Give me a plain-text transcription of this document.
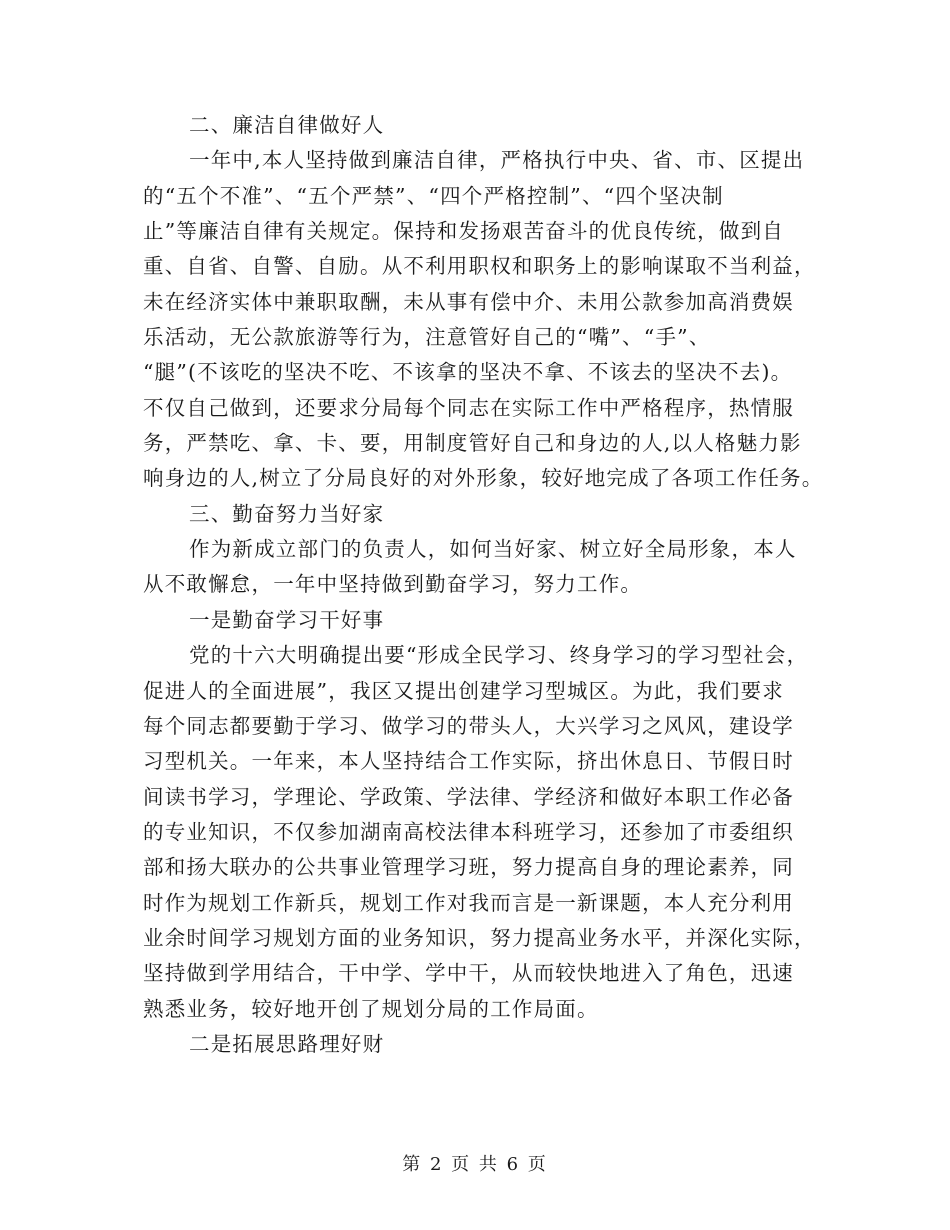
二、廉洁自律做好人
一年中,本人坚持做到廉洁自律，严格执行中央、省、市、区提出
的“五个不准”、“五个严禁”、“四个严格控制”、“四个坚决制
止”等廉洁自律有关规定。保持和发扬艰苦奋斗的优良传统，做到自
重、自省、自警、自励。从不利用职权和职务上的影响谋取不当利益，
未在经济实体中兼职取酬，未从事有偿中介、未用公款参加高消费娱
乐活动，无公款旅游等行为，注意管好自己的“嘴”、“手”、
“腿”(不该吃的坚决不吃、不该拿的坚决不拿、不该去的坚决不去)。
不仅自己做到，还要求分局每个同志在实际工作中严格程序，热情服
务，严禁吃、拿、卡、要，用制度管好自己和身边的人,以人格魅力影
响身边的人,树立了分局良好的对外形象，较好地完成了各项工作任务。
三、勤奋努力当好家
作为新成立部门的负责人，如何当好家、树立好全局形象，本人
从不敢懈怠，一年中坚持做到勤奋学习，努力工作。
一是勤奋学习干好事
党的十六大明确提出要“形成全民学习、终身学习的学习型社会，
促进人的全面进展”，我区又提出创建学习型城区。为此，我们要求
每个同志都要勤于学习、做学习的带头人，大兴学习之风风，建设学
习型机关。一年来，本人坚持结合工作实际，挤出休息日、节假日时
间读书学习，学理论、学政策、学法律、学经济和做好本职工作必备
的专业知识，不仅参加湖南高校法律本科班学习，还参加了市委组织
部和扬大联办的公共事业管理学习班，努力提高自身的理论素养，同
时作为规划工作新兵，规划工作对我而言是一新课题，本人充分利用
业余时间学习规划方面的业务知识，努力提高业务水平，并深化实际，
坚持做到学用结合，干中学、学中干，从而较快地进入了角色，迅速
熟悉业务，较好地开创了规划分局的工作局面。
二是拓展思路理好财
第 2 页 共 6 页
